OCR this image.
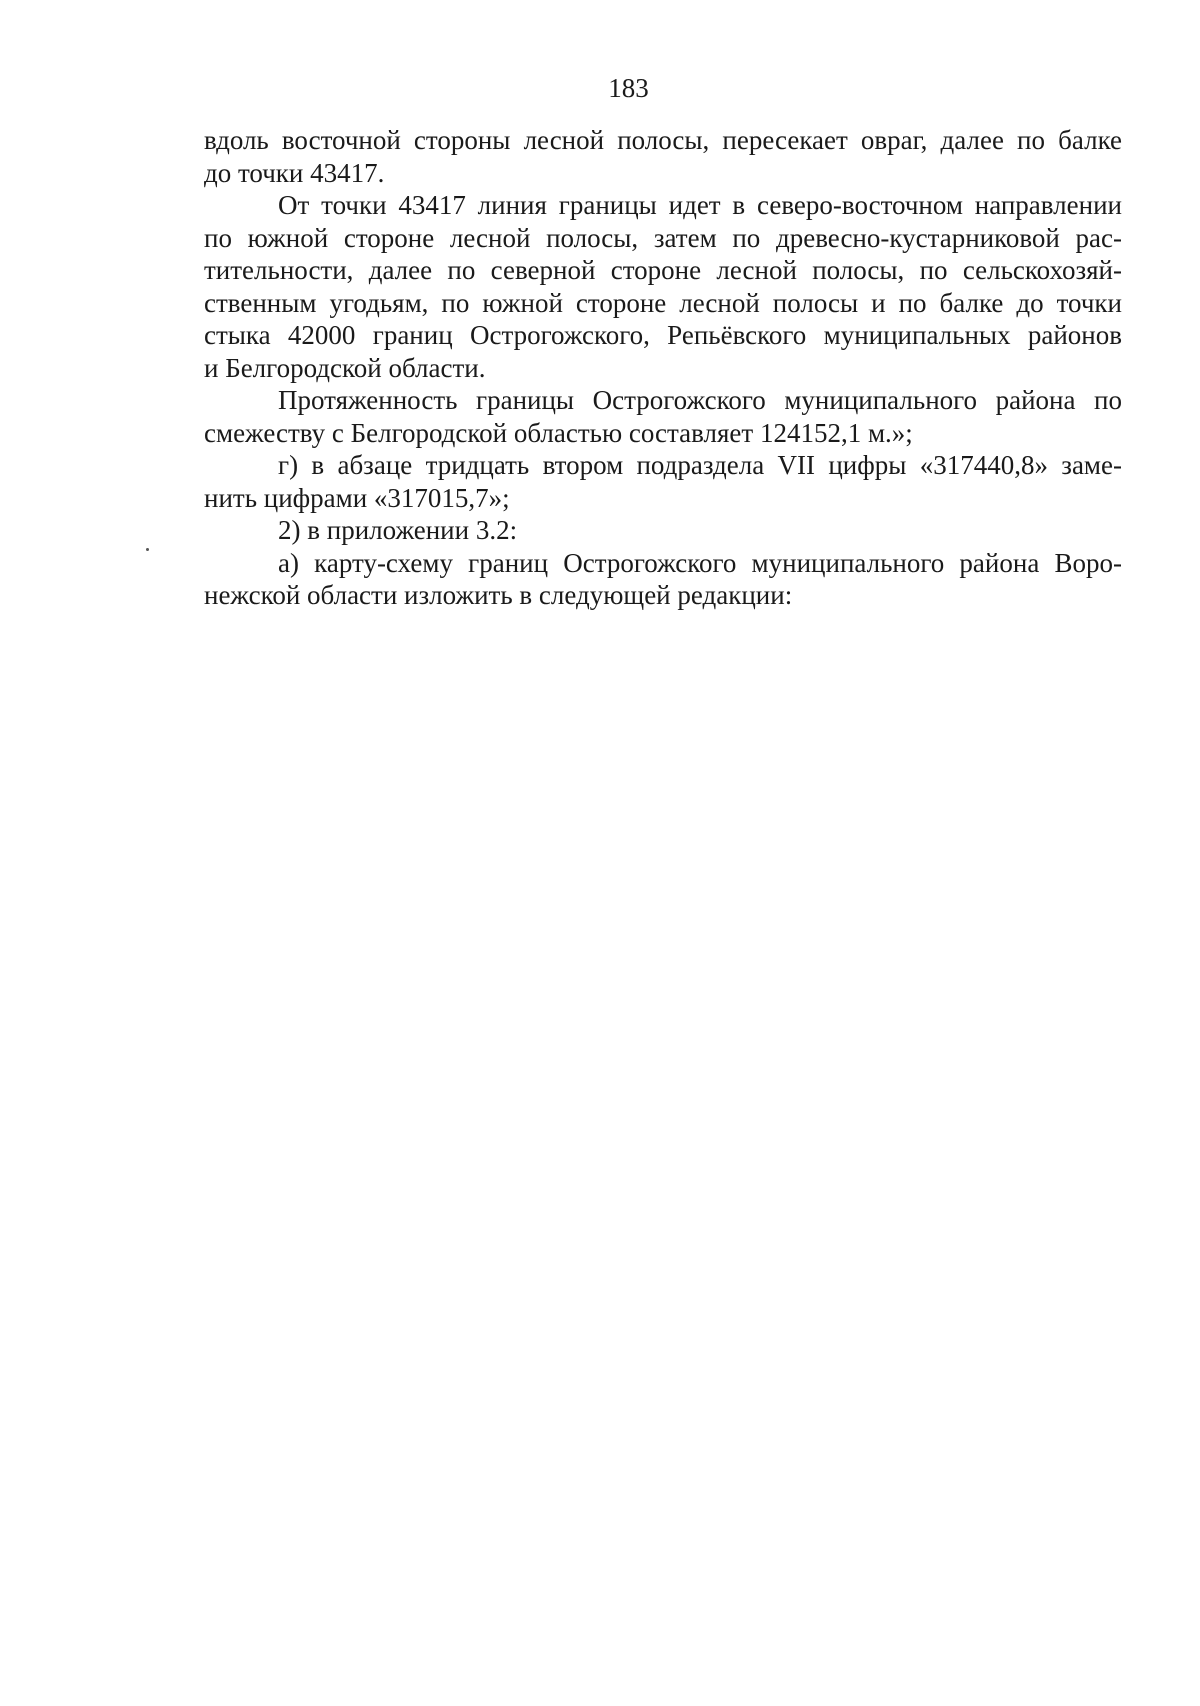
183
вдоль восточной стороны лесной полосы, пересекает овраг, далее по балке
до точки 43417.
От точки 43417 линия границы идет в северо-восточном направлении
по южной стороне лесной полосы, затем по древесно-кустарниковой рас-
тительности, далее по северной стороне лесной полосы, по сельскохозяй-
ственным угодьям, по южной стороне лесной полосы и по балке до точки
стыка 42000 границ Острогожского, Репьёвского муниципальных районов
и Белгородской области.
Протяженность границы Острогожского муниципального района по
смежеству с Белгородской областью составляет 124152,1 м.»;
г) в абзаце тридцать втором подраздела VII цифры «317440,8» заме-
нить цифрами «317015,7»;
2) в приложении 3.2:
а) карту-схему границ Острогожского муниципального района Воро-
нежской области изложить в следующей редакции:
